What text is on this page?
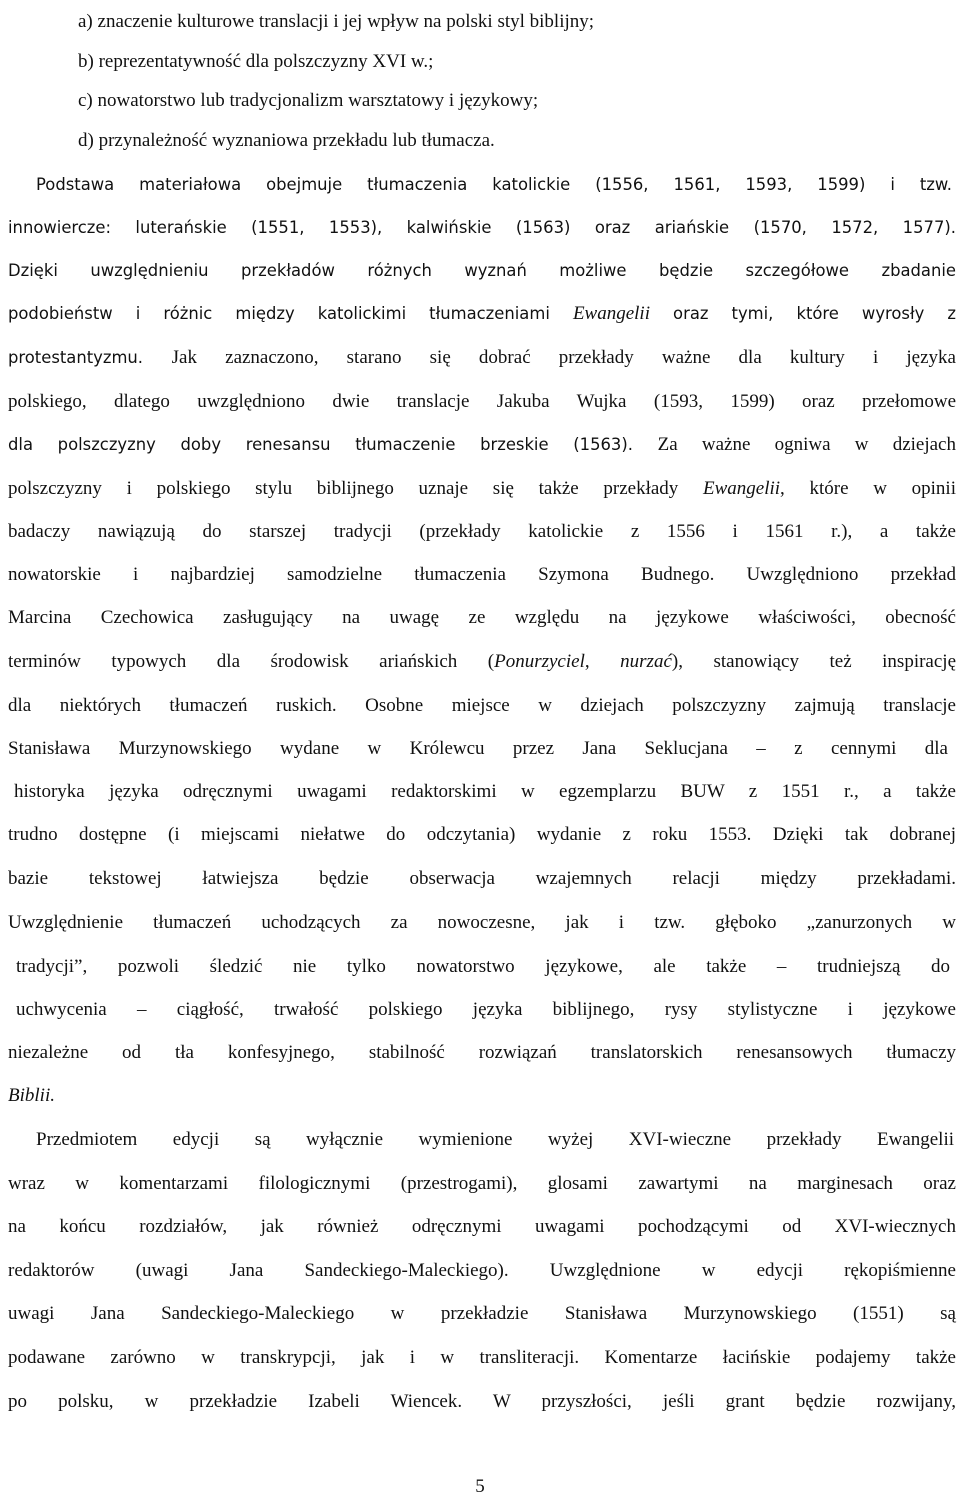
a) znaczenie kulturowe translacji i jej wpływ na polski styl biblijny;
b) reprezentatywność dla polszczyzny XVI w.;
c) nowatorstwo lub tradycjonalizm warsztatowy i językowy;
d) przynależność wyznaniowa przekładu lub tłumacza.
Podstawa materiałowa obejmuje tłumaczenia katolickie (1556, 1561, 1593, 1599) i tzw.
innowiercze: luterańskie (1551, 1553), kalwińskie (1563) oraz ariańskie (1570, 1572, 1577).
Dzięki uwzględnieniu przekładów różnych wyznań możliwe będzie szczegółowe zbadanie
podobieństw i różnic między katolickimi tłumaczeniami Ewangelii oraz tymi, które wyrosły z
protestantyzmu. Jak zaznaczono, starano się dobrać przekłady ważne dla kultury i języka
polskiego, dlatego uwzględniono dwie translacje Jakuba Wujka (1593, 1599) oraz przełomowe
dla polszczyzny doby renesansu tłumaczenie brzeskie (1563). Za ważne ogniwa w dziejach
polszczyzny i polskiego stylu biblijnego uznaje się także przekłady Ewangelii, które w opinii
badaczy nawiązują do starszej tradycji (przekłady katolickie z 1556 i 1561 r.), a także
nowatorskie i najbardziej samodzielne tłumaczenia Szymona Budnego. Uwzględniono przekład
Marcina Czechowica zasługujący na uwagę ze względu na językowe właściwości, obecność
terminów typowych dla środowisk ariańskich (Ponurzyciel, nurzać), stanowiący też inspirację
dla niektórych tłumaczeń ruskich. Osobne miejsce w dziejach polszczyzny zajmują translacje
Stanisława Murzynowskiego wydane w Królewcu przez Jana Seklucjana – z cennymi dla
historyka języka odręcznymi uwagami redaktorskimi w egzemplarzu BUW z 1551 r., a także
trudno dostępne (i miejscami niełatwe do odczytania) wydanie z roku 1553. Dzięki tak dobranej
bazie tekstowej łatwiejsza będzie obserwacja wzajemnych relacji między przekładami.
Uwzględnienie tłumaczeń uchodzących za nowoczesne, jak i tzw. głęboko „zanurzonych w
tradycji”, pozwoli śledzić nie tylko nowatorstwo językowe, ale także – trudniejszą do
uchwycenia – ciągłość, trwałość polskiego języka biblijnego, rysy stylistyczne i językowe
niezależne od tła konfesyjnego, stabilność rozwiązań translatorskich renesansowych tłumaczy
Biblii.
Przedmiotem edycji są wyłącznie wymienione wyżej XVI-wieczne przekłady Ewangelii
wraz w komentarzami filologicznymi (przestrogami), glosami zawartymi na marginesach oraz
na końcu rozdziałów, jak również odręcznymi uwagami pochodzącymi od XVI-wiecznych
redaktorów (uwagi Jana Sandeckiego-Maleckiego). Uwzględnione w edycji rękopiśmienne
uwagi Jana Sandeckiego-Maleckiego w przekładzie Stanisława Murzynowskiego (1551) są
podawane zarówno w transkrypcji, jak i w transliteracji. Komentarze łacińskie podajemy także
po polsku, w przekładzie Izabeli Wiencek. W przyszłości, jeśli grant będzie rozwijany,
5
